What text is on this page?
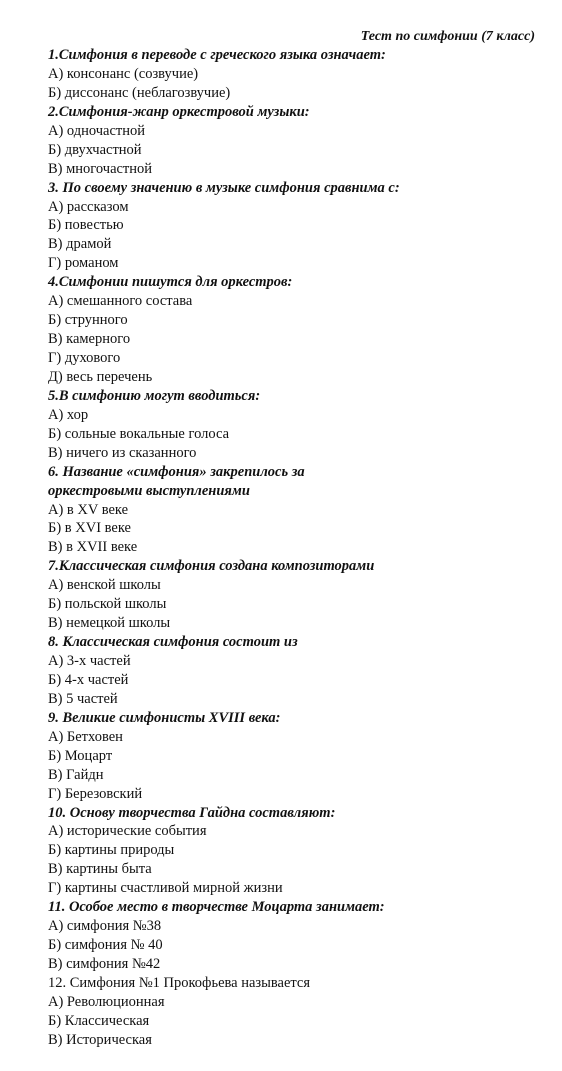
Тест по симфонии (7 класс)
1.Симфония в переводе с греческого языка означает:
А) консонанс (созвучие)
Б) диссонанс (неблагозвучие)
2.Симфония-жанр оркестровой музыки:
А) одночастной
Б) двухчастной
В) многочастной
3. По своему значению в музыке симфония сравнима с:
А) рассказом
Б) повестью
В) драмой
Г) романом
4.Симфонии пишутся для оркестров:
А) смешанного состава
Б) струнного
В) камерного
Г) духового
Д) весь перечень
5.В симфонию могут вводиться:
А) хор
Б) сольные вокальные голоса
В) ничего из сказанного
6. Название «симфония» закрепилось за
оркестровыми выступлениями
А) в XV веке
Б) в XVI веке
В) в XVII веке
7.Классическая симфония создана композиторами
А) венской школы
Б) польской школы
В) немецкой школы
8. Классическая симфония состоит из
А) 3-х частей
Б) 4-х частей
В) 5 частей
9. Великие симфонисты XVIII века:
А) Бетховен
Б) Моцарт
В) Гайдн
Г) Березовский
10. Основу творчества Гайдна составляют:
А) исторические события
Б) картины природы
В) картины быта
Г) картины счастливой мирной жизни
11. Особое место в творчестве Моцарта занимает:
А) симфония №38
Б) симфония № 40
В) симфония №42
12. Симфония №1 Прокофьева называется
А) Революционная
Б) Классическая
В) Историческая
